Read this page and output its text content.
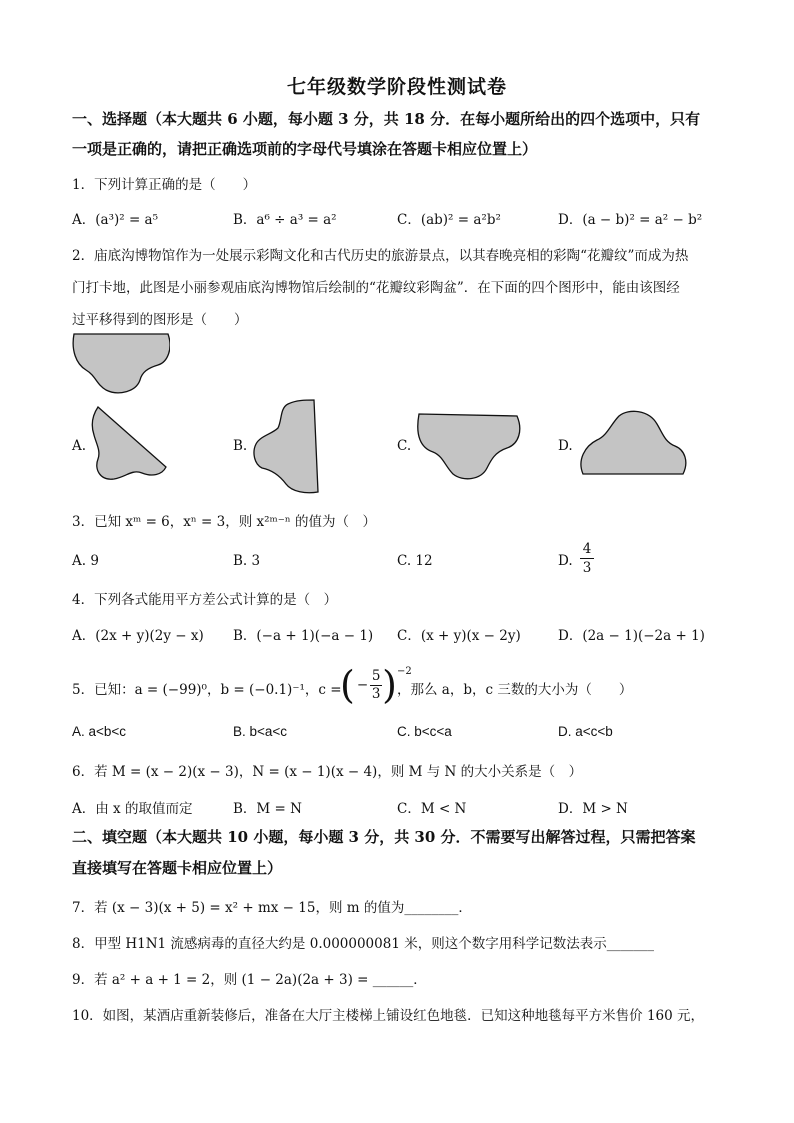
七年级数学阶段性测试卷
一、选择题（本大题共 6 小题，每小题 3 分，共 18 分．在每小题所给出的四个选项中，只有
一项是正确的，请把正确选项前的字母代号填涂在答题卡相应位置上）
1．下列计算正确的是（　　）
A．(a³)² = a⁵	B．a⁶ ÷ a³ = a²	C．(ab)² = a²b²	D．(a − b)² = a² − b²
2．庙底沟博物馆作为一处展示彩陶文化和古代历史的旅游景点，以其春晚亮相的彩陶“花瓣纹”而成为热
门打卡地，此图是小丽参观庙底沟博物馆后绘制的“花瓣纹彩陶盆”．在下面的四个图形中，能由该图经
过平移得到的图形是（　　）
A.	B.	C.	D.
3．已知 xᵐ = 6，xⁿ = 3，则 x²ᵐ⁻ⁿ 的值为（　）
A. 9	B. 3	C. 12	D. $\frac{4}{3}$
4．下列各式能用平方差公式计算的是（　）
A．(2x + y)(2y − x) B．(−a + 1)(−a − 1) C．(x + y)(x − 2y)	D．(2a − 1)(−2a + 1)
5．已知：a = (−99)⁰，b = (−0.1)⁻¹，c =
( − $\frac{5}{3}$ ) −2
，那么 a，b，c 三数的大小为（　　）
A. a<b<c	B. b<a<c	C. b<c<a	D. a<c<b
6．若 M = (x − 2)(x − 3)，N = (x − 1)(x − 4)，则 M 与 N 的大小关系是（　）
A．由 x 的取值而定	B．M = N	C．M < N	D．M > N
二、填空题（本大题共 10 小题，每小题 3 分，共 30 分．不需要写出解答过程，只需把答案
直接填写在答题卡相应位置上）
7．若 (x − 3)(x + 5) = x² + mx − 15，则 m 的值为________．
8．甲型 H1N1 流感病毒的直径大约是 0.000000081 米，则这个数字用科学记数法表示_______
9．若 a² + a + 1 = 2，则 (1 − 2a)(2a + 3) = ______．
10．如图，某酒店重新装修后，准备在大厅主楼梯上铺设红色地毯．已知这种地毯每平方米售价 160 元，
